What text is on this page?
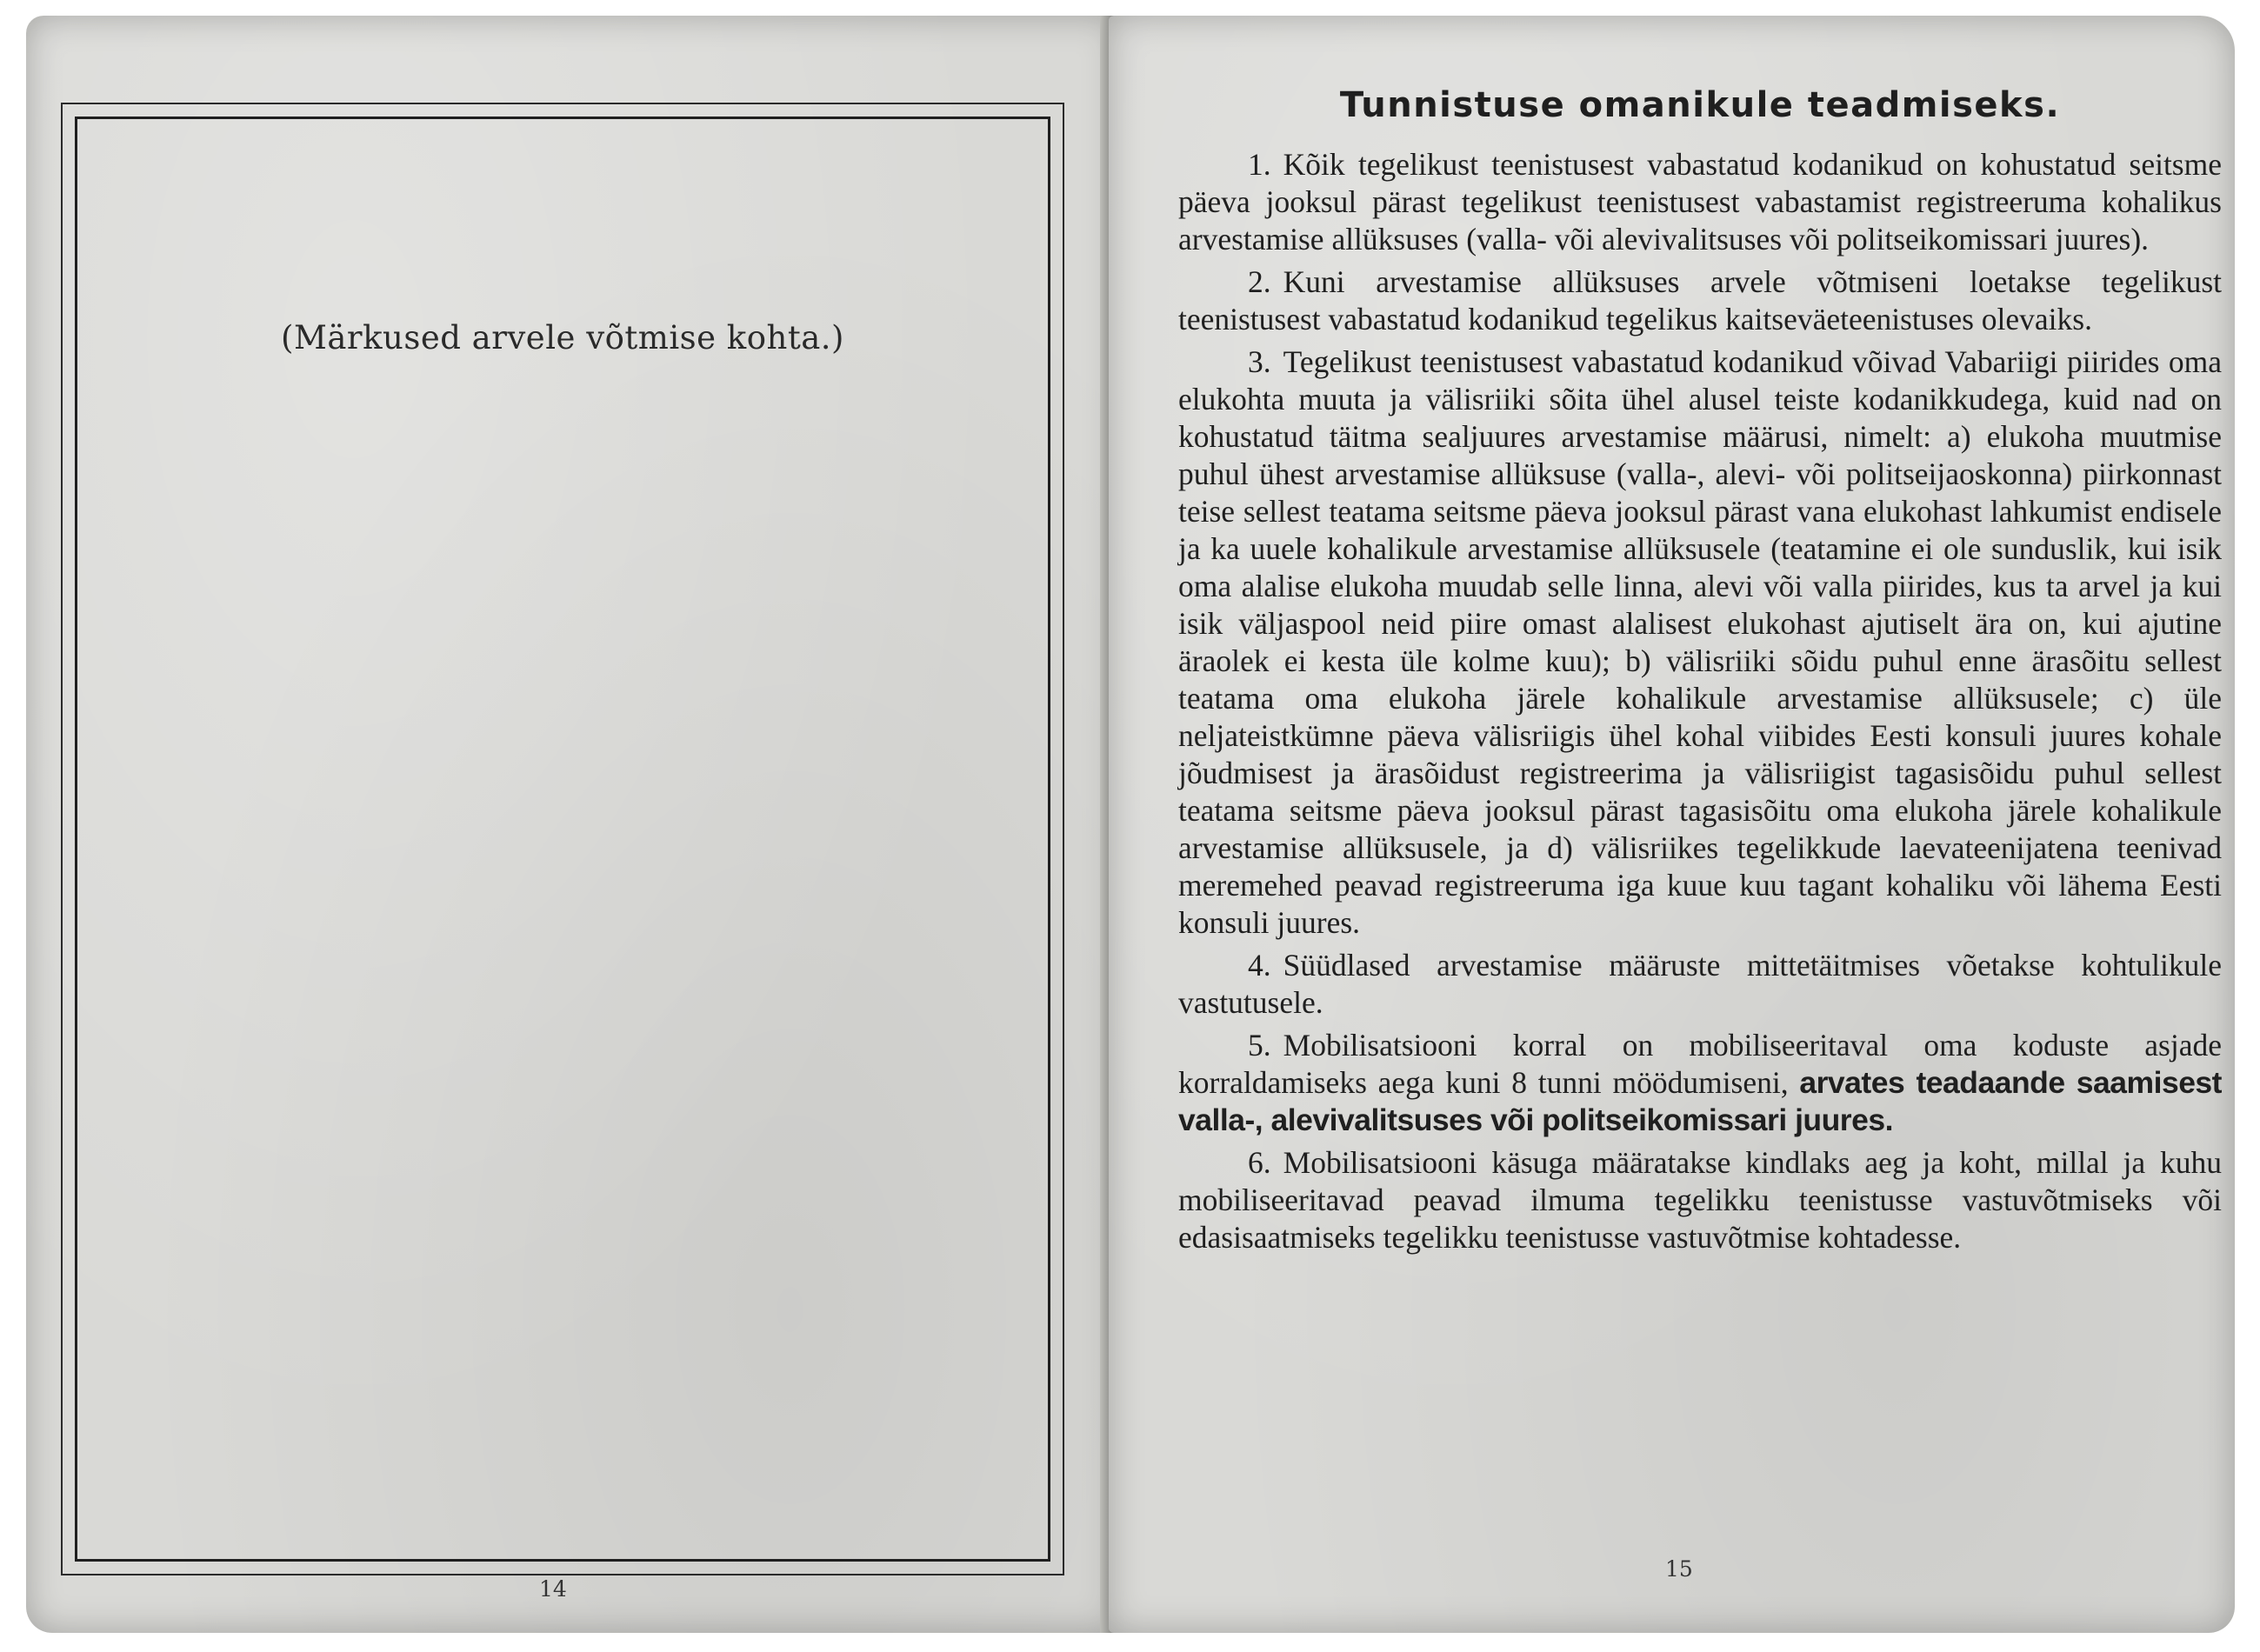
(Märkused arvele võtmise kohta.)
14
Tunnistuse omanikule teadmiseks.

1. Kõik tegelikust teenistusest vabastatud kodanikud on kohustatud seitsme päeva jooksul pärast tegelikust teenistusest vabastamist registreeruma kohalikus arvestamise allüksuses (valla- või alevivalitsuses või politseikomissari juures).

2. Kuni arvestamise allüksuses arvele võtmiseni loetakse tegelikust teenistusest vabastatud kodanikud tegelikus kaitseväeteenistuses olevaiks.

3. Tegelikust teenistusest vabastatud kodanikud võivad Vabariigi piirides oma elukohta muuta ja välisriiki sõita ühel alusel teiste kodanikkudega, kuid nad on kohustatud täitma sealjuures arvestamise määrusi, nimelt: a) elukoha muutmise puhul ühest arvestamise allüksuse (valla-, alevi- või politseijaoskonna) piirkonnast teise sellest teatama seitsme päeva jooksul pärast vana elukohast lahkumist endisele ja ka uuele kohalikule arvestamise allüksusele (teatamine ei ole sunduslik, kui isik oma alalise elukoha muudab selle linna, alevi või valla piirides, kus ta arvel ja kui isik väljaspool neid piire omast alalisest elukohast ajutiselt ära on, kui ajutine äraolek ei kesta üle kolme kuu); b) välisriiki sõidu puhul enne ärasõitu sellest teatama oma elukoha järele kohalikule arvestamise allüksusele; c) üle neljateistkümne päeva välisriigis ühel kohal viibides Eesti konsuli juures kohale jõudmisest ja ärasõidust registreerima ja välisriigist tagasisõidu puhul sellest teatama seitsme päeva jooksul pärast tagasisõitu oma elukoha järele kohalikule arvestamise allüksusele, ja d) välisriikes tegelikkude laevateenijatena teenivad meremehed peavad registreeruma iga kuue kuu tagant kohaliku või lähema Eesti konsuli juures.

4. Süüdlased arvestamise määruste mittetäitmises võetakse kohtulikule vastutusele.

5. Mobilisatsiooni korral on mobiliseeritaval oma koduste asjade korraldamiseks aega kuni 8 tunni möödumiseni, arvates teadaande saamisest valla-, alevivalitsuses või politseikomissari juures.

6. Mobilisatsiooni käsuga määratakse kindlaks aeg ja koht, millal ja kuhu mobiliseeritavad peavad ilmuma tegelikku teenistusse vastuvõtmiseks või edasisaatmiseks tegelikku teenistusse vastuvõtmise kohtadesse.

15
